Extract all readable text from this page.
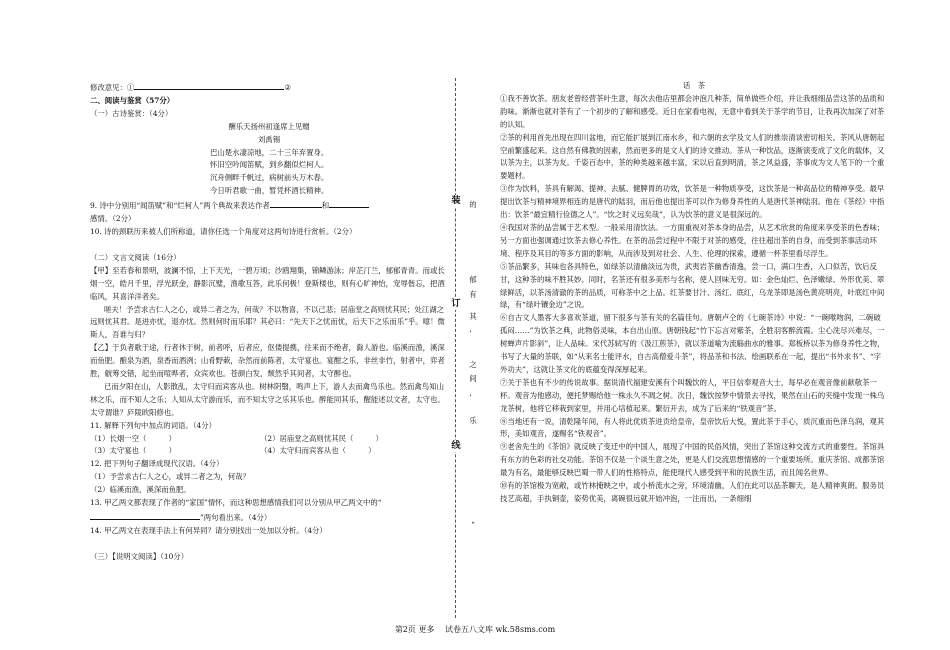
修改意见：①	②

二、阅读与鉴赏（57分）

（一）古诗鉴赏：（4分）

酬乐天扬州初逢席上见赠

刘禹锡

巴山楚水凄凉地，二十三年弃置身。

怀旧空吟闻笛赋，到乡翻似烂柯人。

沉舟侧畔千帆过，病树前头万木春。

今日听君歌一曲，暂凭杯酒长精神。

9. 诗中分别用“闻笛赋”和“烂柯人”两个典故来表达作者	和

感情。（2分）

10. 诗的颈联历来被人们所称道，请你任选一个角度对这两句诗进行赏析。（2分）

（二）文言文阅读（16分）

【甲】至若春和景明，波澜不惊，上下天光，一碧万顷；沙鸥翔集，锦鳞游泳；岸芷汀兰，郁郁青青。而或长烟一空，皓月千里，浮光跃金，静影沉璧，渔歌互答，此乐何极！登斯楼也，则有心旷神怡，宠辱偕忘，把酒临风，其喜洋洋者矣。

嗟夫！予尝求古仁人之心，或异二者之为，何哉？不以物喜，不以己悲；居庙堂之高则忧其民；处江湖之远则忧其君。是进亦忧，退亦忧。然则何时而乐耶？其必曰：“先天下之忧而忧，后天下之乐而乐”乎。噫！微斯人，吾谁与归？

【乙】于负者歌于途，行者休于树，前者呼，后者应，伛偻提携，往来而不绝者，滁人游也。临溪而渔，溪深而鱼肥。酿泉为酒，泉香而酒洌；山肴野蔌，杂然而前陈者，太守宴也。宴酣之乐，非丝非竹，射者中，弈者胜，觥筹交错，起坐而喧哗者，众宾欢也。苍颜白发，颓然乎其间者，太守醉也。

已而夕阳在山，人影散乱，太守归而宾客从也。树林阴翳，鸣声上下，游人去而禽鸟乐也。然而禽鸟知山林之乐，而不知人之乐；人知从太守游而乐，而不知太守之乐其乐也。醉能同其乐，醒能述以文者，太守也。太守谓谁？庐陵欧阳修也。

11. 解释下列句中加点的词语。（4分）

（1）长烟一空（　　　）	（2）居庙堂之高则忧其民（　　　）

（3）太守宴也（　　　）	（4）太守归而宾客从也（　　　）

12. 把下列句子翻译成现代汉语。（4分）

（1）予尝求古仁人之心，或异二者之为，何哉？

（2）临溪而渔，溪深而鱼肥。

13. 甲乙两文都表现了作者的“家国”情怀，而这种思想感情我们可以分别从甲乙两文中的“”两句看出来。（4分）

14. 甲乙两文在表现手法上有何异同？请分别找出一处加以分析。（4分）

（三）【说明文阅读】（10分）

装
订
线
的
郁
有
其
，
之
间
，
乐
“

话　茶

①我不善饮茶。朋友老曾经营茶叶生意，每次去他店里都会冲泡几种茶，简单做些介绍，并让我细细品尝这茶的品质和韵味。渐渐也就对茶有了一个初步的了解和感受。近日在家看电视，无意中看到关于茶学的节目，让我再次加深了对茶的认知。

②茶的利用首先出现在四川盆地，而它能扩展到江南水乡，和六朝的玄学及文人们的推崇清谈密切相关。茶风从唐朝起空前繁盛起来。这自然有佛教的因素，然而更多的是文人们的诗文推动。茶从一种饮品，逐渐演变成了文化的载体，又以茶为主，以茶为友。千姿百态中，茶的种类越来越丰富，宋以后直到明清，茶之风益盛，茶事成为文人笔下的一个重要题材。

③作为饮料，茶具有解渴、提神、去腻、健脾胃的功效，饮茶是一种物质享受，这饮茶是一种高品位的精神享受。最早提出饮茶与精神境界相连的是唐代的陆羽，而后他也提出茶可以作为修身养性的人是唐代茶神陆羽。他在《茶经》中指出：饮茶“最宜精行俭德之人”。“饮之时义远矣哉”，认为饮茶的意义是很深远的。

④我国对茶的品尝属于艺术型。一般采用清饮法。一方面重视对茶本身的品尝，从艺术欣赏的角度来享受茶的色香味；另一方面也强调通过饮茶去修心养性。在茶的品尝过程中不限于对茶的感受，往往超出茶的自身，而受到茶事活动环境、程序及其目的等多方面的影响，从而涉及到对社会、人生、伦理的探索，遵循一杯茶里看尽浮生。

⑤茶品繁多，其味也各具特色，如绿茶以清幽淡远为贵，武夷岩茶幽香清逸，尝一口，满口生香，入口似苦，饮后反甘，这种茶的味不胜其妙。同时，名茶还有很多美形与名称，使人回味无穷。如：金色灿烂、色泽嫩绿、外形优美、翠绿鲜活，以茶汤清澈的茶的品质，可称茶中之上品。红茶要甘汁、汤红、底红，乌龙茶即是汤色黄亮明亮，叶底红中间绿，有“绿叶镶金边”之说。

⑥自古文人墨客大多喜欢茶道，留下很多与茶有关的名篇佳句。唐朝卢仝的《七碗茶诗》中说：“一碗喉吻润，二碗破孤闷……”为饮茶之典，此物俗灵味，本自出山原。唐朝钱起“竹下忘言对紫茶，全胜羽客醉流霞。尘心洗尽兴难尽，一树蝉声片影斜”，让人品味。宋代苏轼写的《汲江煎茶》，就以茶道喻为流觞曲水的雅事。郑板桥以茶为修身养性之物，书写了大量的茶联，如“从来名士能评水，自古高僧爱斗茶”，将品茶和书法、绘画联系在一起，提出“书外求书”、“字外功夫”，这就让茶文化的底蕴变得深厚起来。

⑦关于茶也有不少的传说故事。据说清代福建安溪有个叫魏饮的人，平日信奉观音大士，每早必在观音像前献敬茶一杯。观音为他感动，便托梦赐给他一株永久不凋之树。次日，魏饮按梦中情景去寻找，果然在山石的夹缝中发现一株乌龙茶树，他将它移栽到家里，并用心培植起来。繁衍开去，成为了后来的“铁观音”茶。

⑧当地还有一说，清乾隆年间，有人将此优质茶进贡给皇帝，皇帝饮后大悦，置此茶于手心，质沉重而色泽乌润，观其形，美如观音，遂赐名“铁观音”。

⑨老舍先生的《茶馆》就反映了变迁中的中国人，展现了中国的民俗风情，突出了茶馆这种交流方式的重要性。茶馆具有东方的色彩的社交功能。茶馆不仅是一个谈生意之处，更是人们交流思想情感的一个重要场所。重庆茶馆、成都茶馆最为有名，最能够反映巴蜀一带人们的性格特点，能使现代人感受到平和的民族生活，而且闻名世界。

⑩有的茶馆极为宽敞，或竹林掩映之中，或小桥流水之旁，环境清幽，人们在此可以品茶聊天，是人精神爽朗。服务员技艺高超，手执铜壶，姿势优美，离碗很远就开始冲泡，一注而出，一条细细

第2页 更多 试卷五八文库 wk.58sms.com
